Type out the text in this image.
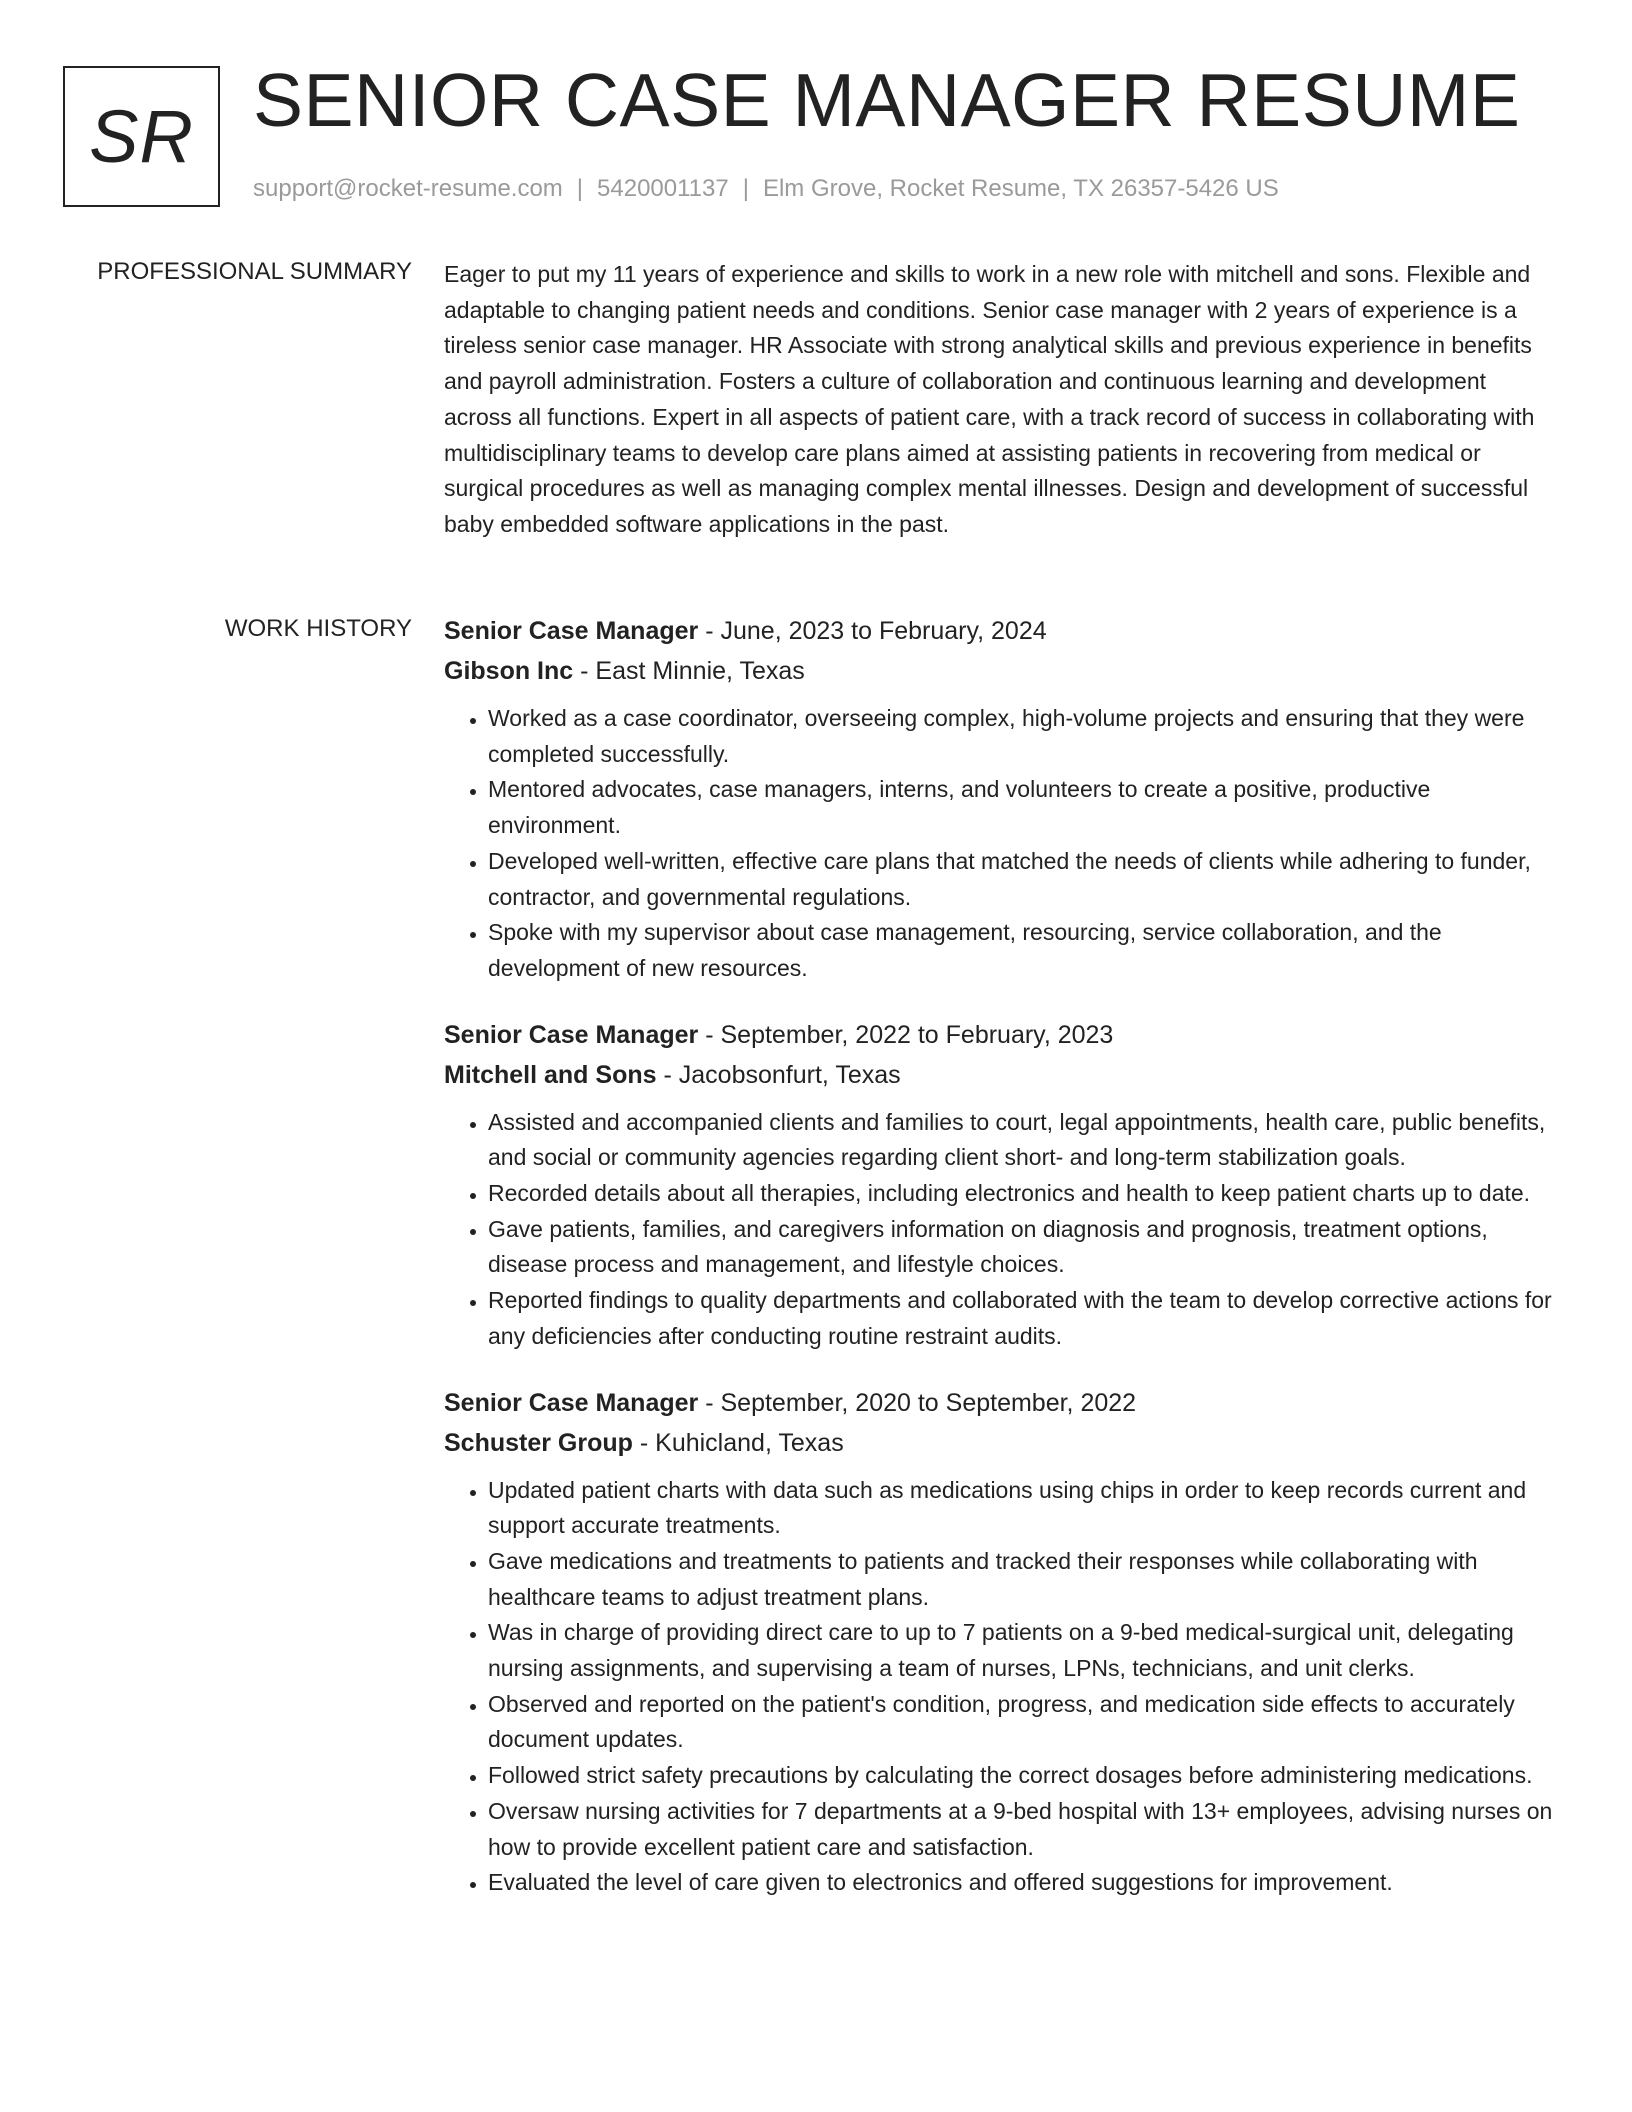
SR SENIOR CASE MANAGER RESUME
support@rocket-resume.com | 5420001137 | Elm Grove, Rocket Resume, TX 26357-5426 US
PROFESSIONAL SUMMARY Eager to put my 11 years of experience and skills to work in a new role with mitchell and sons. Flexible and adaptable to changing patient needs and conditions. Senior case manager with 2 years of experience is a tireless senior case manager. HR Associate with strong analytical skills and previous experience in benefits and payroll administration. Fosters a culture of collaboration and continuous learning and development across all functions. Expert in all aspects of patient care, with a track record of success in collaborating with multidisciplinary teams to develop care plans aimed at assisting patients in recovering from medical or surgical procedures as well as managing complex mental illnesses. Design and development of successful baby embedded software applications in the past.

WORK HISTORY Senior Case Manager - June, 2023 to February, 2024
Gibson Inc - East Minnie, Texas
• Worked as a case coordinator, overseeing complex, high-volume projects and ensuring that they were completed successfully.
• Mentored advocates, case managers, interns, and volunteers to create a positive, productive environment.
• Developed well-written, effective care plans that matched the needs of clients while adhering to funder, contractor, and governmental regulations.
• Spoke with my supervisor about case management, resourcing, service collaboration, and the development of new resources.
Senior Case Manager - September, 2022 to February, 2023
Mitchell and Sons - Jacobsonfurt, Texas
• Assisted and accompanied clients and families to court, legal appointments, health care, public benefits, and social or community agencies regarding client short- and long-term stabilization goals.
• Recorded details about all therapies, including electronics and health to keep patient charts up to date.
• Gave patients, families, and caregivers information on diagnosis and prognosis, treatment options, disease process and management, and lifestyle choices.
• Reported findings to quality departments and collaborated with the team to develop corrective actions for any deficiencies after conducting routine restraint audits.
Senior Case Manager - September, 2020 to September, 2022
Schuster Group - Kuhicland, Texas
• Updated patient charts with data such as medications using chips in order to keep records current and support accurate treatments.
• Gave medications and treatments to patients and tracked their responses while collaborating with healthcare teams to adjust treatment plans.
• Was in charge of providing direct care to up to 7 patients on a 9-bed medical-surgical unit, delegating nursing assignments, and supervising a team of nurses, LPNs, technicians, and unit clerks.
• Observed and reported on the patient's condition, progress, and medication side effects to accurately document updates.
• Followed strict safety precautions by calculating the correct dosages before administering medications.
• Oversaw nursing activities for 7 departments at a 9-bed hospital with 13+ employees, advising nurses on how to provide excellent patient care and satisfaction.
• Evaluated the level of care given to electronics and offered suggestions for improvement.
